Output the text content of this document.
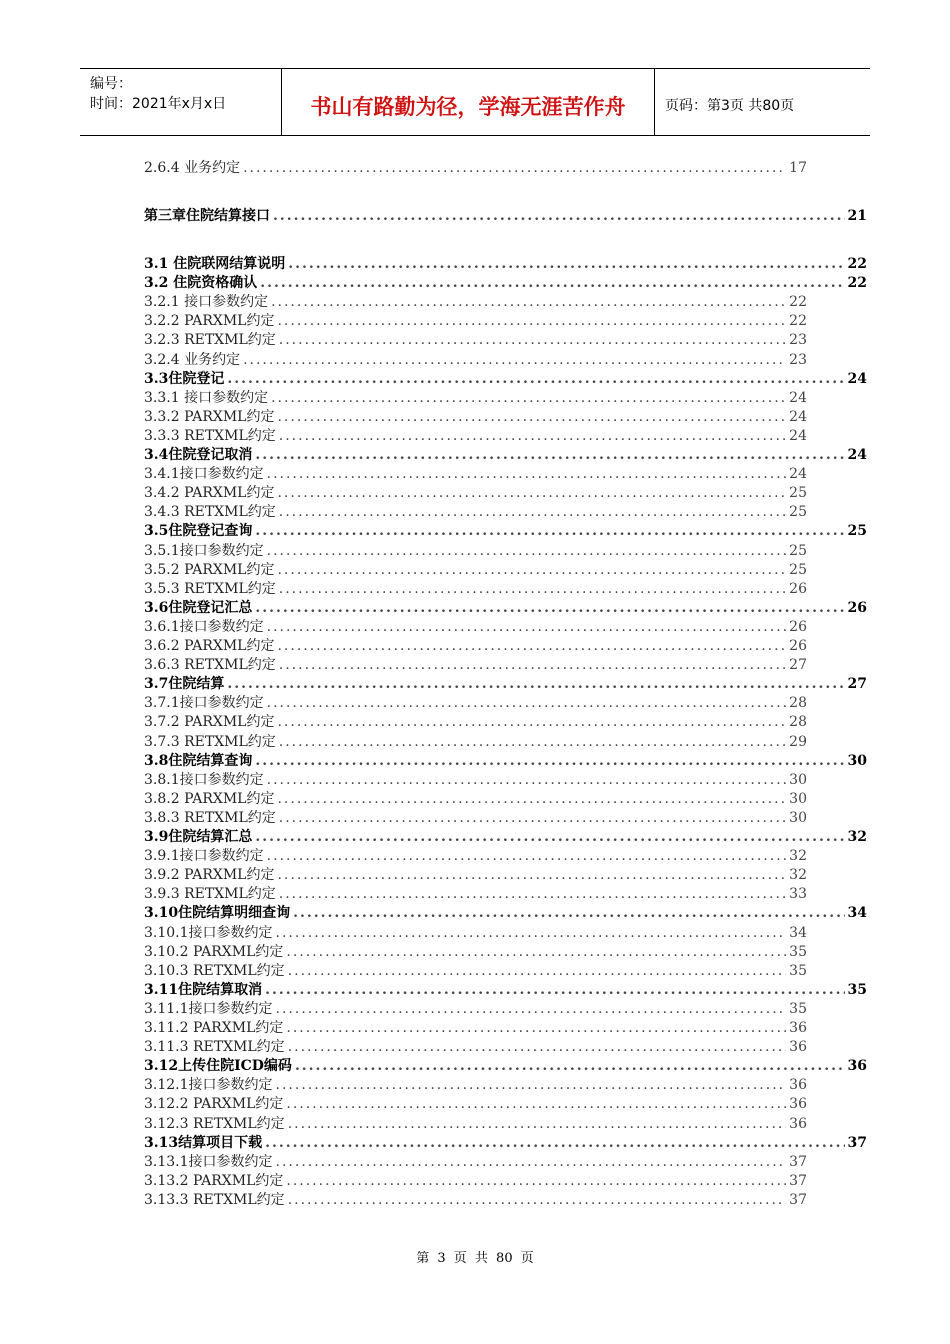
编号：
时间：2021年x月x日	书山有路勤为径，学海无涯苦作舟	页码：第3页 共80页
2.6.4 业务约定 .....	17
第三章住院结算接口 .....	21
3.1 住院联网结算说明 .....	22
3.2 住院资格确认 .....	22
3.2.1 接口参数约定 .....	22
3.2.2 PARXML约定 .....	22
3.2.3 RETXML约定 .....	23
3.2.4 业务约定 .....	23
3.3住院登记 .....	24
3.3.1 接口参数约定 .....	24
3.3.2 PARXML约定 .....	24
3.3.3 RETXML约定 .....	24
3.4住院登记取消 .....	24
3.4.1接口参数约定 .....	24
3.4.2 PARXML约定 .....	25
3.4.3 RETXML约定 .....	25
3.5住院登记查询 .....	25
3.5.1接口参数约定 .....	25
3.5.2 PARXML约定 .....	25
3.5.3 RETXML约定 .....	26
3.6住院登记汇总 .....	26
3.6.1接口参数约定 .....	26
3.6.2 PARXML约定 .....	26
3.6.3 RETXML约定 .....	27
3.7住院结算 .....	27
3.7.1接口参数约定 .....	28
3.7.2 PARXML约定 .....	28
3.7.3 RETXML约定 .....	29
3.8住院结算查询 .....	30
3.8.1接口参数约定 .....	30
3.8.2 PARXML约定 .....	30
3.8.3 RETXML约定 .....	30
3.9住院结算汇总 .....	32
3.9.1接口参数约定 .....	32
3.9.2 PARXML约定 .....	32
3.9.3 RETXML约定 .....	33
3.10住院结算明细查询 .....	34
3.10.1接口参数约定 .....	34
3.10.2 PARXML约定 .....	35
3.10.3 RETXML约定 .....	35
3.11住院结算取消 .....	35
3.11.1接口参数约定 .....	35
3.11.2 PARXML约定 .....	36
3.11.3 RETXML约定 .....	36
3.12上传住院ICD编码 .....	36
3.12.1接口参数约定 .....	36
3.12.2 PARXML约定 .....	36
3.12.3 RETXML约定 .....	36
3.13结算项目下载 .....	37
3.13.1接口参数约定 .....	37
3.13.2 PARXML约定 .....	37
3.13.3 RETXML约定 .....	37
第 3 页 共 80 页
